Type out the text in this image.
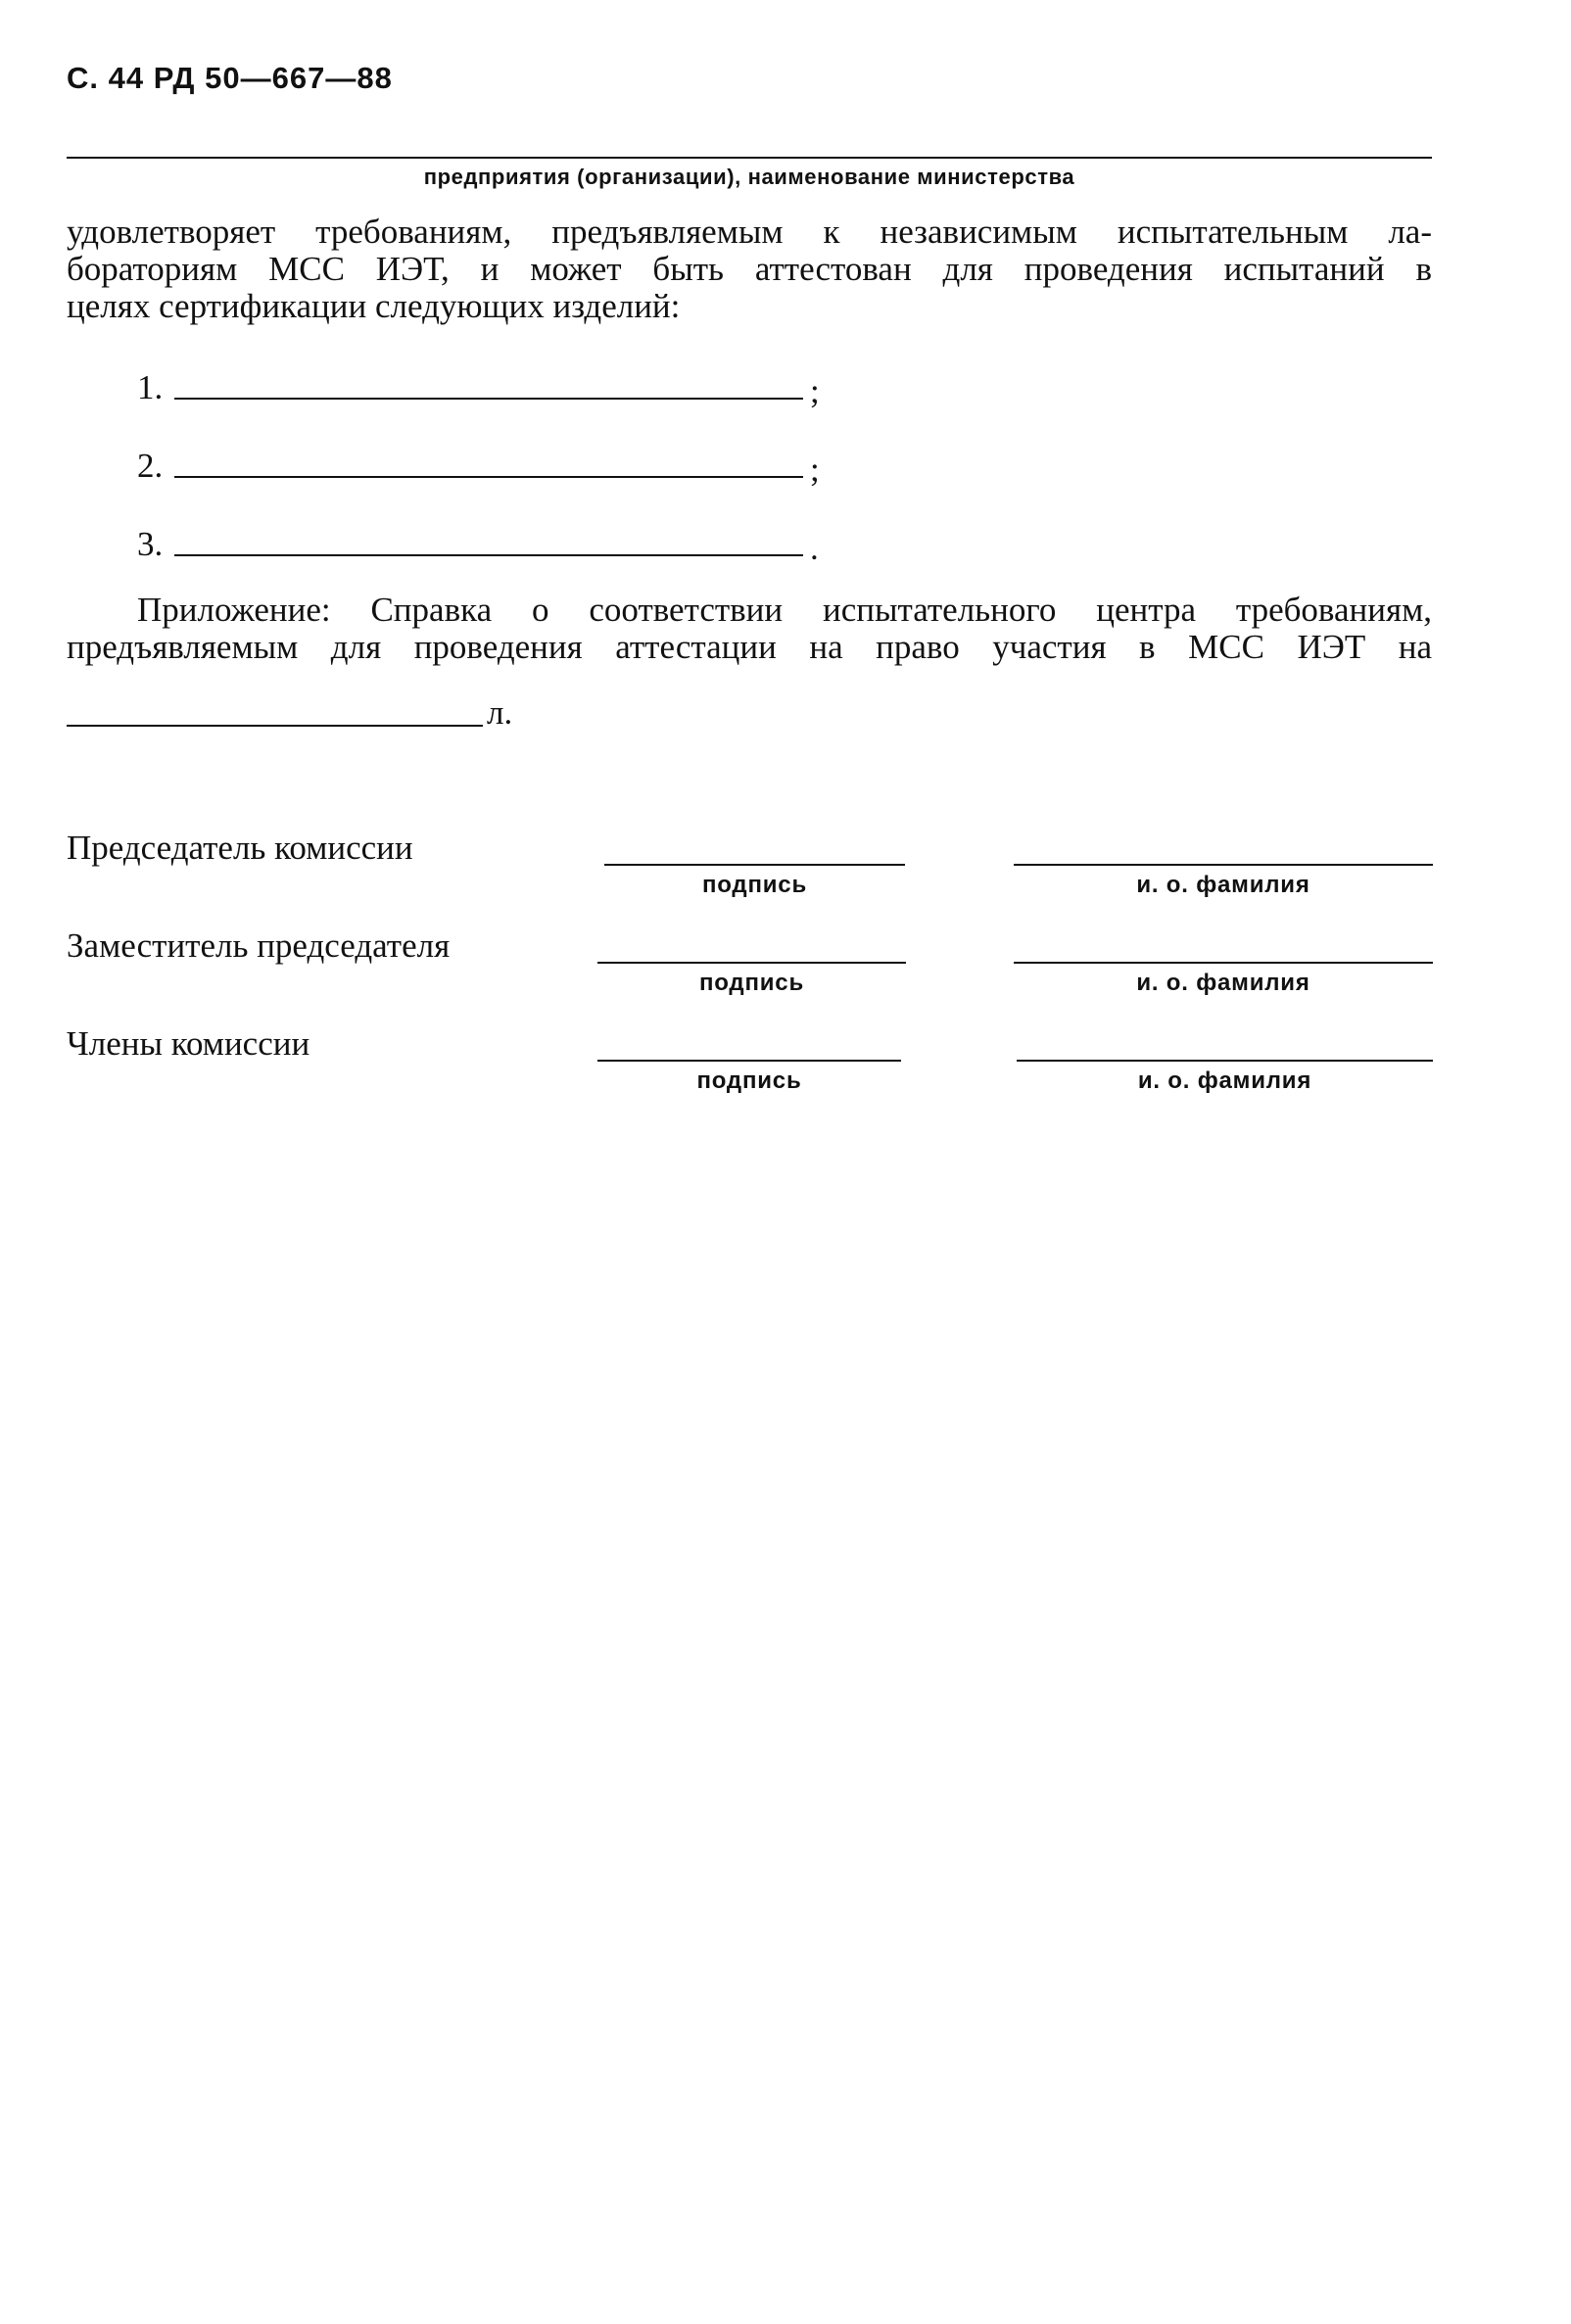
С. 44 РД 50—667—88
предприятия (организации), наименование министерства
удовлетворяет требованиям, предъявляемым к независимым испытательным ла-
бораториям МСС ИЭТ, и может быть аттестован для проведения испытаний в
целях сертификации следующих изделий:
1.	;
2.	;
3.	.
Приложение: Справка о соответствии испытательного центра требованиям,
предъявляемым для проведения аттестации на право участия в МСС ИЭТ на
л.
Председатель комиссии
подпись	и. о. фамилия
Заместитель председателя
подпись	и. о. фамилия
Члены комиссии
подпись	и. о. фамилия
